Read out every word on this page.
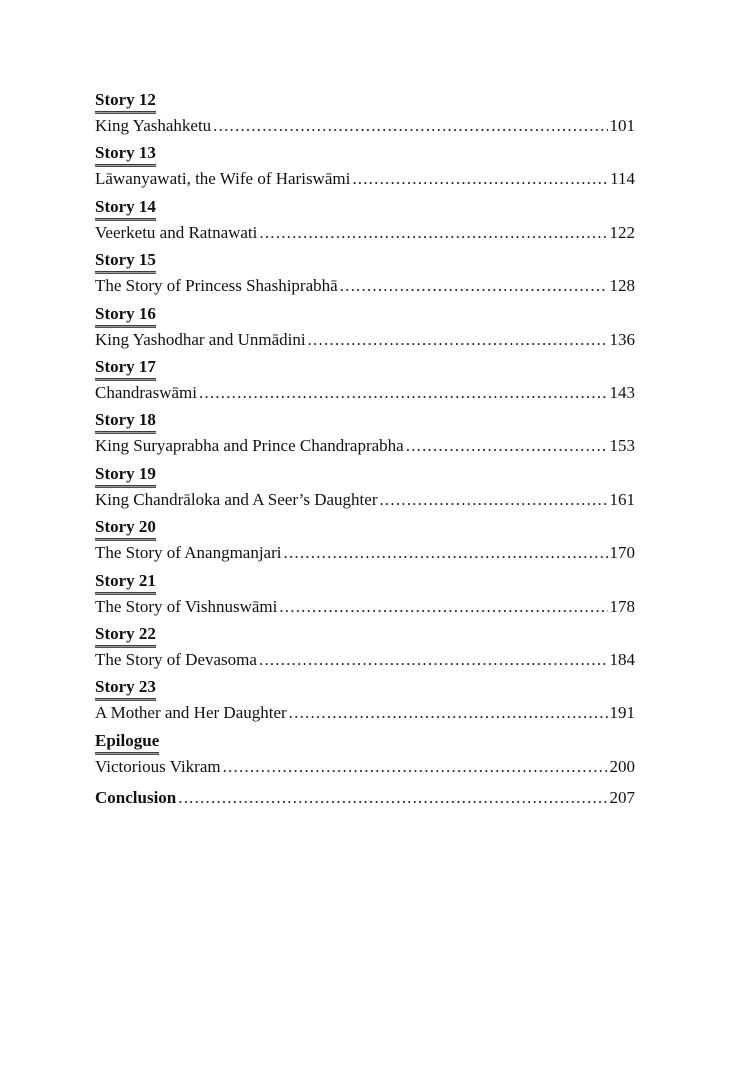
Story 12
King Yashahketu .....	101
Story 13
Lāwanyawati, the Wife of Hariswāmi .....	114
Story 14
Veerketu and Ratnawati .....	122
Story 15
The Story of Princess Shashiprabhā .....	128
Story 16
King Yashodhar and Unmādini .....	136
Story 17
Chandraswāmi .....	143
Story 18
King Suryaprabha and Prince Chandraprabha .....	153
Story 19
King Chandrāloka and A Seer’s Daughter .....	161
Story 20
The Story of Anangmanjari .....	170
Story 21
The Story of Vishnuswāmi .....	178
Story 22
The Story of Devasoma .....	184
Story 23
A Mother and Her Daughter .....	191
Epilogue
Victorious Vikram .....	200
Conclusion .....	207
